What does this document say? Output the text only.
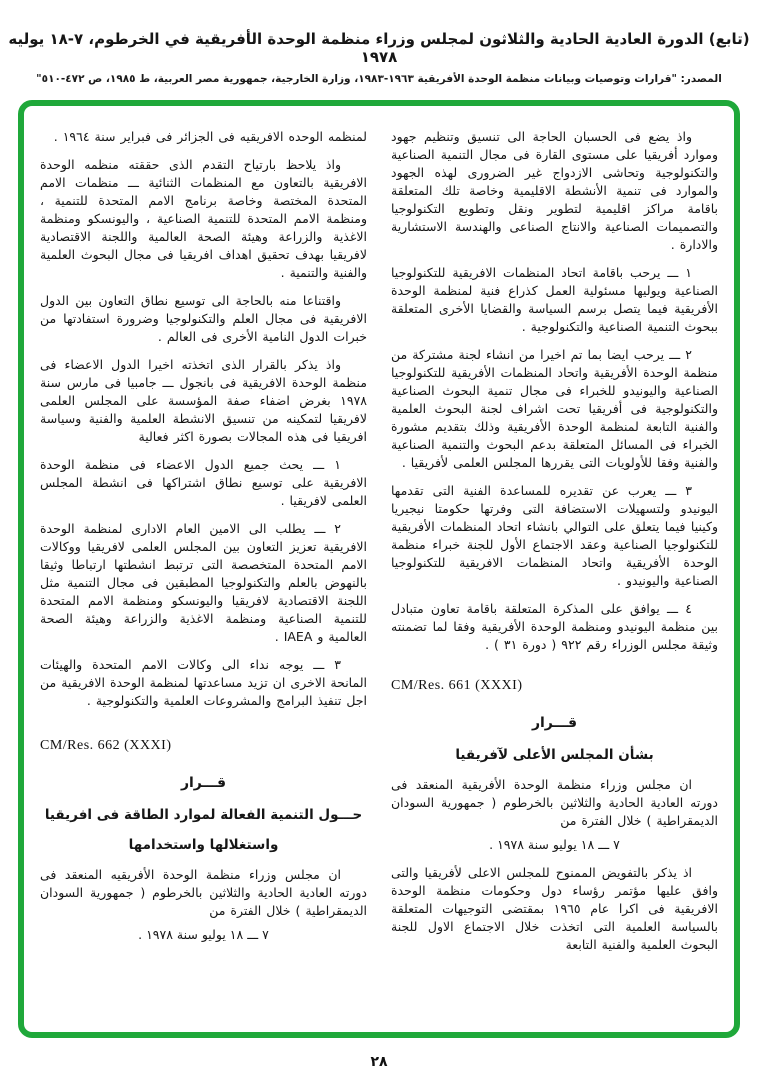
(تابع) الدورة العادية الحادية والثلاثون لمجلس وزراء منظمة الوحدة الأفريقية في الخرطوم، ٧-١٨ يوليه ١٩٧٨
المصدر: "قرارات وتوصيات وبيانات منظمة الوحدة الأفريقية ١٩٦٣-١٩٨٣، وزارة الخارجية، جمهورية مصر العربية، ط ١٩٨٥، ص ٤٧٢-٥١٠"

واذ يضع فى الحسبان الحاجة الى تنسيق وتنظيم جهود وموارد أفريقيا على مستوى القارة فى مجال التنمية الصناعية والتكنولوجية وتحاشى الازدواج غير الضرورى لهذه الجهود والموارد فى تنمية الأنشطة الاقليمية وخاصة تلك المتعلقة باقامة مراكز اقليمية لتطوير ونقل وتطويع التكنولوجيا والتصميمات الصناعية والانتاج الصناعى والهندسة الاستشارية والادارة .

١ ـــ يرحب باقامة اتحاد المنظمات الافريقية للتكنولوجيا الصناعية ويوليها مسئولية العمل كذراع فنية لمنظمة الوحدة الأفريقية فيما يتصل برسم السياسة والقضايا الأخرى المتعلقة ببحوث التنمية الصناعية والتكنولوجية .

٢ ـــ يرحب ايضا بما تم اخيرا من انشاء لجنة مشتركة من منظمة الوحدة الأفريقية واتحاد المنظمات الأفريقية للتكنولوجيا الصناعية واليونيدو للخبراء فى مجال تنمية البحوث الصناعية والتكنولوجية فى أفريقيا تحت اشراف لجنة البحوث العلمية والفنية التابعة لمنظمة الوحدة الأفريقية وذلك بتقديم مشورة الخبراء فى المسائل المتعلقة بدعم البحوث والتنمية الصناعية والفنية وفقا للأولويات التى يقررها المجلس العلمى لأفريقيا .

٣ ـــ يعرب عن تقديره للمساعدة الفنية التى تقدمها اليونيدو ولتسهيلات الاستضافة التى وفرتها حكومتا نيجيريا وكينيا فيما يتعلق على التوالي بانشاء اتحاد المنظمات الأفريقية للتكنولوجيا الصناعية وعقد الاجتماع الأول للجنة خبراء منظمة الوحدة الأفريقية واتحاد المنظمات الافريقية للتكنولوجيا الصناعية واليونيدو .

٤ ـــ يوافق على المذكرة المتعلقة باقامة تعاون متبادل بين منظمة اليونيدو ومنظمة الوحدة الأفريقية وفقا لما تضمنته وثيقة مجلس الوزراء رقم ٩٢٢ ( دورة ٣١ ) .

CM/Res. 661 (XXXI)
قـــرار
بشأن المجلس الأعلى لآفريقيا

ان مجلس وزراء منظمة الوحدة الأفريقية المنعقد فى دورته العادية الحادية والثلاثين بالخرطوم ( جمهورية السودان الديمقراطية ) خلال الفترة من

٧ ـــ ١٨ يوليو سنة ١٩٧٨ .

اذ يذكر بالتفويض الممنوح للمجلس الاعلى لأفريقيا والتى وافق عليها مؤتمر رؤساء دول وحكومات منظمة الوحدة الافريقية فى اكرا عام ١٩٦٥ بمقتضى التوجيهات المتعلقة بالسياسة العلمية التى اتخذت خلال الاجتماع الاول للجنة البحوث العلمية والفنية التابعة

لمنظمه الوحده الافريقيه فى الجزائر فى فبراير سنة ١٩٦٤ .

واذ يلاحظ بارتياح التقدم الذى حققته منظمه الوحدة الافريقية بالتعاون مع المنظمات الثنائية ـــ منظمات الامم المتحدة المختصة وخاصة برنامج الامم المتحدة للتنمية ، ومنظمة الامم المتحدة للتنمية الصناعية ، واليونسكو ومنظمة الاغذية والزراعة وهيئة الصحة العالمية واللجنة الاقتصادية لافريقيا بهدف تحقيق اهداف افريقيا فى مجال البحوث العلمية والفنية والتنمية .

واقتناعا منه بالحاجة الى توسيع نطاق التعاون بين الدول الافريقية فى مجال العلم والتكنولوجيا وضرورة استفادتها من خبرات الدول النامية الأخرى فى العالم .

واذ يذكر بالقرار الذى اتخذته اخيرا الدول الاعضاء فى منظمة الوحدة الافريقية فى بانجول ـــ جامبيا فى مارس سنة ١٩٧٨ بغرض اضفاء صفة المؤسسة على المجلس العلمى لافريقيا لتمكينه من تنسيق الانشطة العلمية والفنية وسياسة افريقيا فى هذه المجالات بصورة اكثر فعالية

١ ـــ يحث جميع الدول الاعضاء فى منظمة الوحدة الافريقية على توسيع نطاق اشتراكها فى انشطة المجلس العلمى لافريقيا .

٢ ـــ يطلب الى الامين العام الادارى لمنظمة الوحدة الافريقية تعزيز التعاون بين المجلس العلمى لافريقيا ووكالات الامم المتحدة المتخصصة التى ترتبط انشطتها ارتباطا وثيقا بالنهوض بالعلم والتكنولوجيا المطبقين فى مجال التنمية مثل اللجنة الاقتصادية لافريقيا واليونسكو ومنظمة الامم المتحدة للتنمية الصناعية ومنظمة الاغذية والزراعة وهيئة الصحة العالمية و IAEA .

٣ ـــ يوجه نداء الى وكالات الامم المتحدة والهيئات المانحة الاخرى ان تزيد مساعدتها لمنظمة الوحدة الافريقية من اجل تنفيذ البرامج والمشروعات العلمية والتكنولوجية .

CM/Res. 662 (XXXI)
قـــرار
حـــول التنمية الفعالة لموارد الطاقة فى افريقيا
واستغلالها واستخدامها

ان مجلس وزراء منظمة الوحدة الأفريقيه المنعقد فى دورته العادية الحادية والثلاثين بالخرطوم ( جمهورية السودان الديمقراطية ) خلال الفترة من

٧ ـــ ١٨ يوليو سنة ١٩٧٨ .
٢٨
